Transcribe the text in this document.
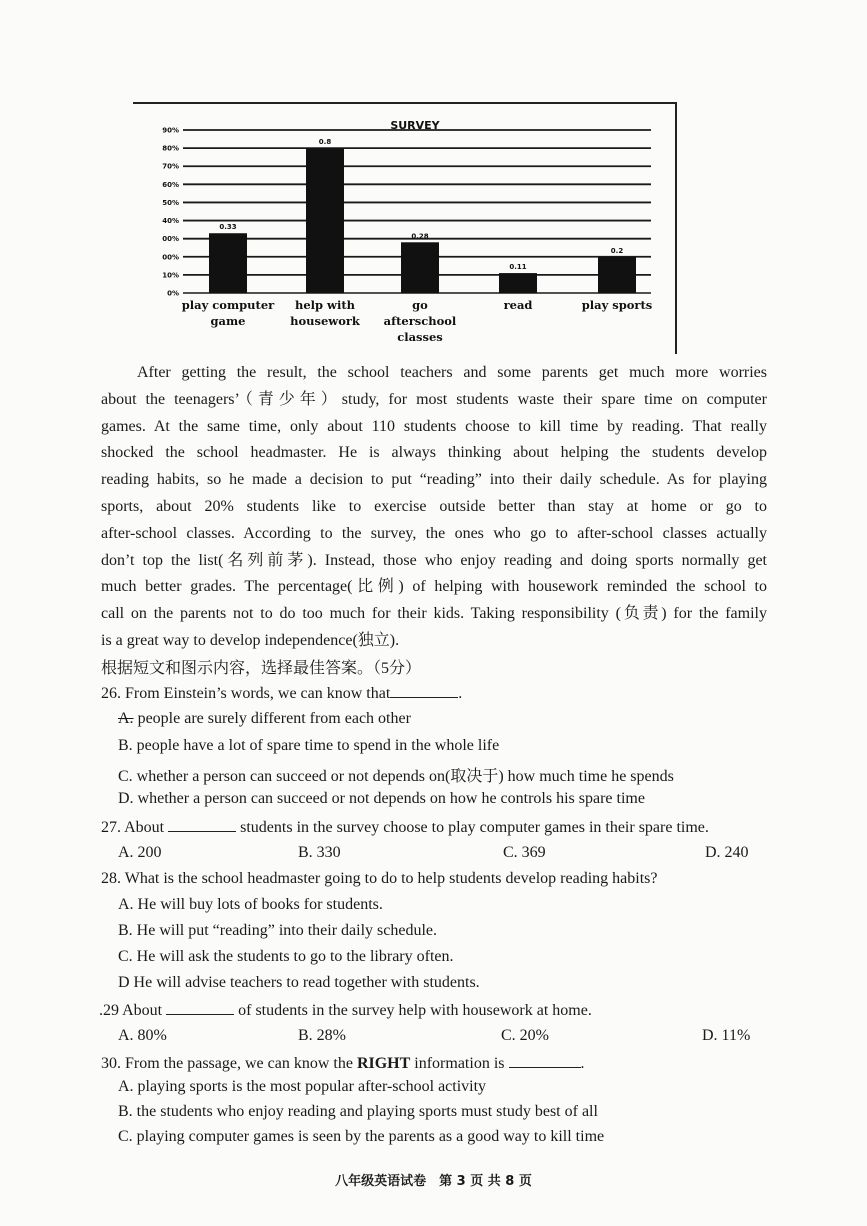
SURVEY
0%
10%
00%
00%
40%
50%
60%
70%
80%
90%
0.33
play computer
game
0.8
help with
housework
0.28
go
afterschool
classes
0.11
read
0.2
play sports
After getting the result, the school teachers and some parents get much more worries
about the teenagers’（青少年）study, for most students waste their spare time on computer
games. At the same time, only about 110 students choose to kill time by reading. That really
shocked the school headmaster. He is always thinking about helping the students develop
reading habits, so he made a decision to put “reading” into their daily schedule. As for playing
sports, about 20% students like to exercise outside better than stay at home or go to
after-school classes. According to the survey, the ones who go to after-school classes actually
don’t top the list(名列前茅). Instead, those who enjoy reading and doing sports normally get
much better grades. The percentage(比例) of helping with housework reminded the school to
call on the parents not to do too much for their kids. Taking responsibility (负责) for the family
is a great way to develop independence(独立).
根据短文和图示内容，选择最佳答案。（5分）
26. From Einstein’s words, we can know that	.
A. people are surely different from each other
B. people have a lot of spare time to spend in the whole life
C. whether a person can succeed or not depends on(取决于) how much time he spends
D. whether a person can succeed or not depends on how he controls his spare time
27. About	students in the survey choose to play computer games in their spare time.
A. 200	B. 330	C. 369	D. 240
28. What is the school headmaster going to do to help students develop reading habits?
A. He will buy lots of books for students.
B. He will put “reading” into their daily schedule.
C. He will ask the students to go to the library often.
D He will advise teachers to read together with students.
.29 About	of students in the survey help with housework at home.
A. 80%	B. 28%	C. 20%	D. 11%
30. From the passage, we can know the RIGHT information is	.
A. playing sports is the most popular after-school activity
B. the students who enjoy reading and playing sports must study best of all
C. playing computer games is seen by the parents as a good way to kill time
八年级英语试卷　第 3 页 共 8 页
